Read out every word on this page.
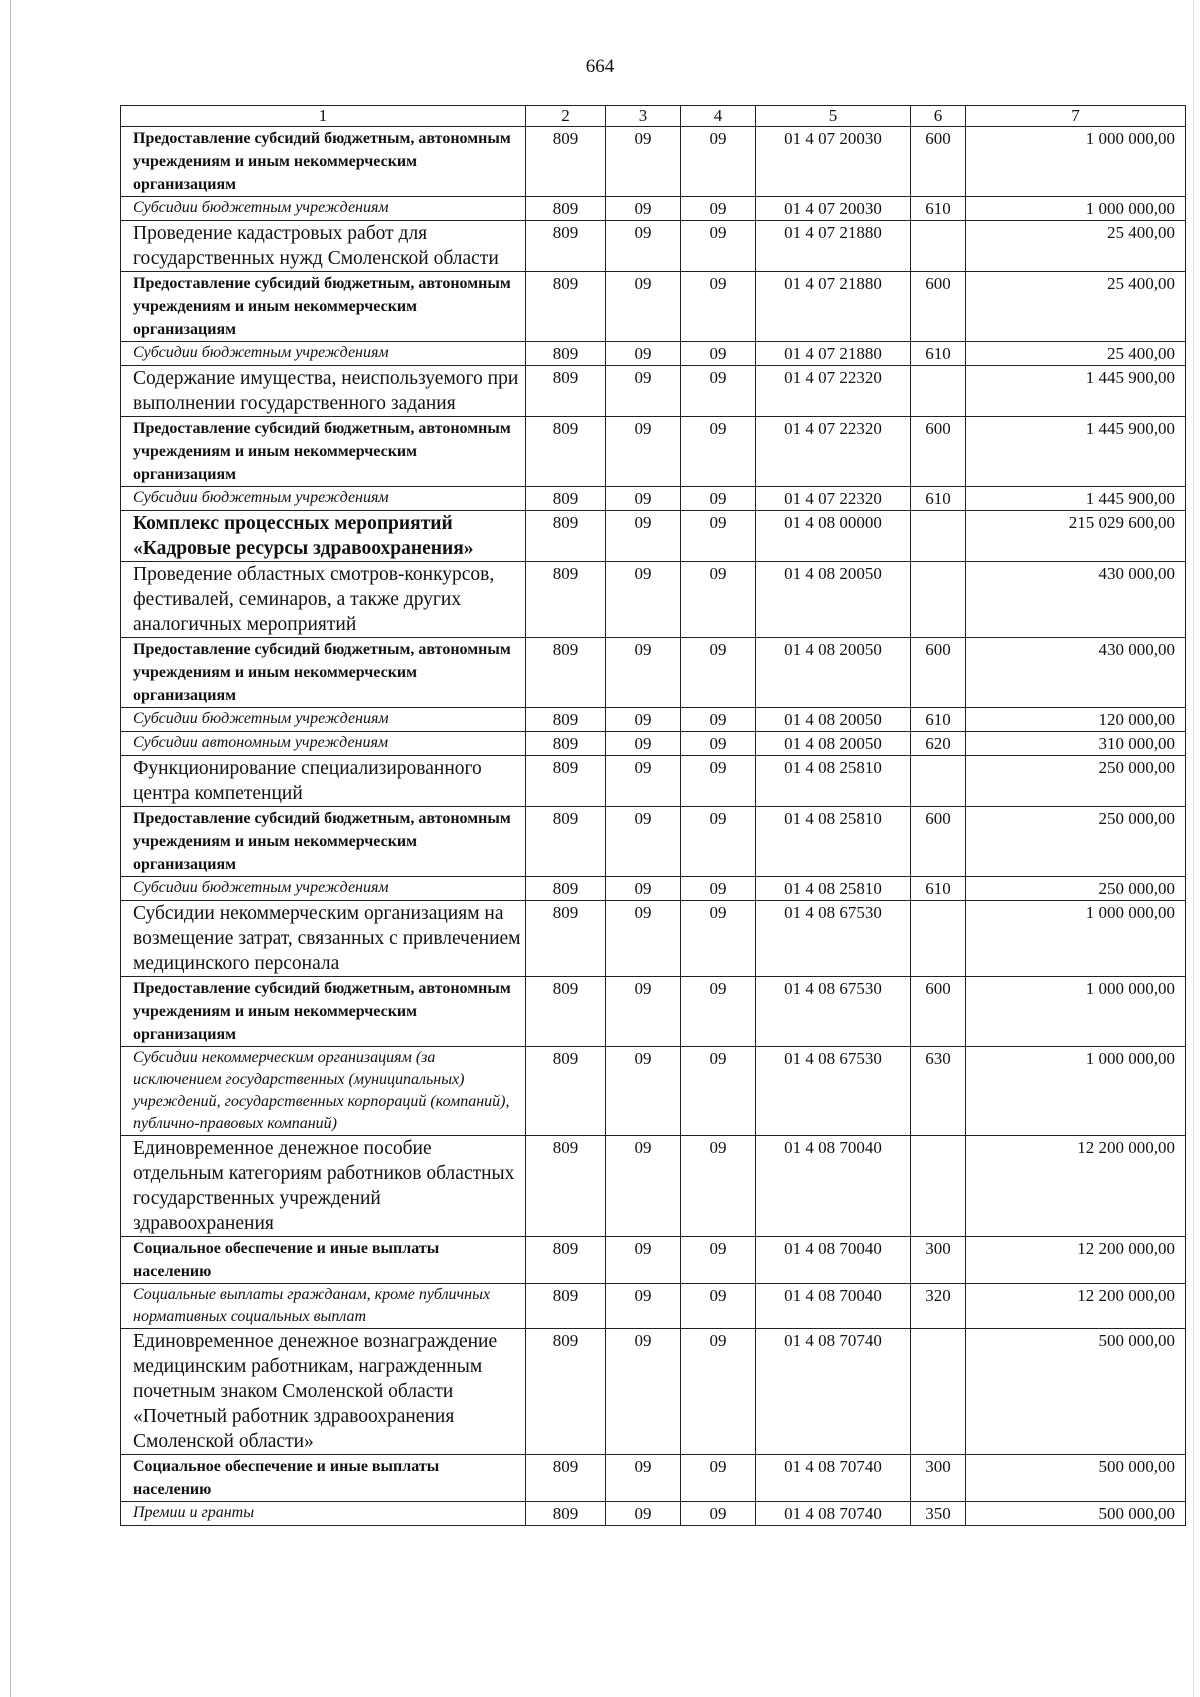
664
1	2	3	4	5	6	7
Предоставление субсидий бюджетным, автономным учреждениям и иным некоммерческим организациям	809	09	09	01 4 07 20030	600	1 000 000,00
Субсидии бюджетным учреждениям	809	09	09	01 4 07 20030	610	1 000 000,00
Проведение кадастровых работ для государственных нужд Смоленской области	809	09	09	01 4 07 21880		25 400,00
Предоставление субсидий бюджетным, автономным учреждениям и иным некоммерческим организациям	809	09	09	01 4 07 21880	600	25 400,00
Субсидии бюджетным учреждениям	809	09	09	01 4 07 21880	610	25 400,00
Содержание имущества, неиспользуемого при выполнении государственного задания	809	09	09	01 4 07 22320		1 445 900,00
Предоставление субсидий бюджетным, автономным учреждениям и иным некоммерческим организациям	809	09	09	01 4 07 22320	600	1 445 900,00
Субсидии бюджетным учреждениям	809	09	09	01 4 07 22320	610	1 445 900,00
Комплекс процессных мероприятий «Кадровые ресурсы здравоохранения»	809	09	09	01 4 08 00000		215 029 600,00
Проведение областных смотров-конкурсов, фестивалей, семинаров, а также других аналогичных мероприятий	809	09	09	01 4 08 20050		430 000,00
Предоставление субсидий бюджетным, автономным учреждениям и иным некоммерческим организациям	809	09	09	01 4 08 20050	600	430 000,00
Субсидии бюджетным учреждениям	809	09	09	01 4 08 20050	610	120 000,00
Субсидии автономным учреждениям	809	09	09	01 4 08 20050	620	310 000,00
Функционирование специализированного центра компетенций	809	09	09	01 4 08 25810		250 000,00
Предоставление субсидий бюджетным, автономным учреждениям и иным некоммерческим организациям	809	09	09	01 4 08 25810	600	250 000,00
Субсидии бюджетным учреждениям	809	09	09	01 4 08 25810	610	250 000,00
Субсидии некоммерческим организациям на возмещение затрат, связанных с привлечением медицинского персонала	809	09	09	01 4 08 67530		1 000 000,00
Предоставление субсидий бюджетным, автономным учреждениям и иным некоммерческим организациям	809	09	09	01 4 08 67530	600	1 000 000,00
Субсидии некоммерческим организациям (за исключением государственных (муниципальных) учреждений, государственных корпораций (компаний), публично-правовых компаний)	809	09	09	01 4 08 67530	630	1 000 000,00
Единовременное денежное пособие отдельным категориям работников областных государственных учреждений здравоохранения	809	09	09	01 4 08 70040		12 200 000,00
Социальное обеспечение и иные выплаты населению	809	09	09	01 4 08 70040	300	12 200 000,00
Социальные выплаты гражданам, кроме публичных нормативных социальных выплат	809	09	09	01 4 08 70040	320	12 200 000,00
Единовременное денежное вознаграждение медицинским работникам, награжденным почетным знаком Смоленской области «Почетный работник здравоохранения Смоленской области»	809	09	09	01 4 08 70740		500 000,00
Социальное обеспечение и иные выплаты населению	809	09	09	01 4 08 70740	300	500 000,00
Премии и гранты	809	09	09	01 4 08 70740	350	500 000,00
